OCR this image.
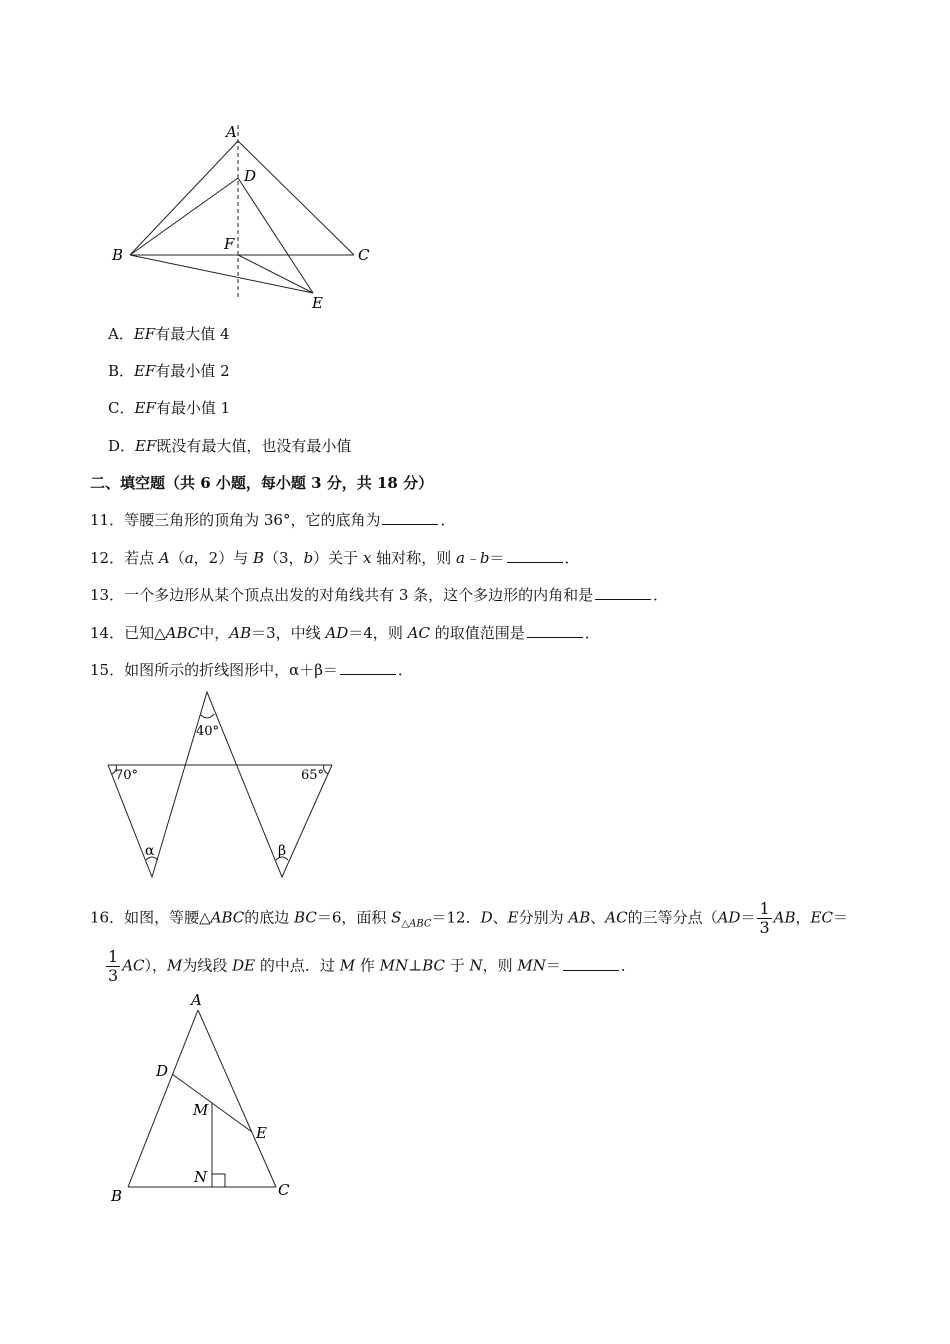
A
D
B
F
C
E
A．EF有最大值 4
B．EF有最小值 2
C．EF有最小值 1
D．EF既没有最大值，也没有最小值
二、填空题（共 6 小题，每小题 3 分，共 18 分）
11．等腰三角形的顶角为 36°，它的底角为	．
12．若点 A（a，2）与 B（3，b）关于 x 轴对称，则 a﹣b＝	．
13．一个多边形从某个顶点出发的对角线共有 3 条，这个多边形的内角和是	．
14．已知△ABC中，AB＝3，中线 AD＝4，则 AC 的取值范围是	．
15．如图所示的折线图形中，α＋β＝	．
40°
70°	65°
α	β
16．如图，等腰△ABC的底边 BC＝6，面积 $S_{\triangle ABC}=12$．D、E分别为 AB、AC的三等分点（$AD= \frac{1}{3}$ AB，EC＝
$\frac{1}{3} AC$），M为线段 DE 的中点．过 M 作 MN⊥BC 于 N，则 MN＝	．
A
D
M
E
N
B	C
